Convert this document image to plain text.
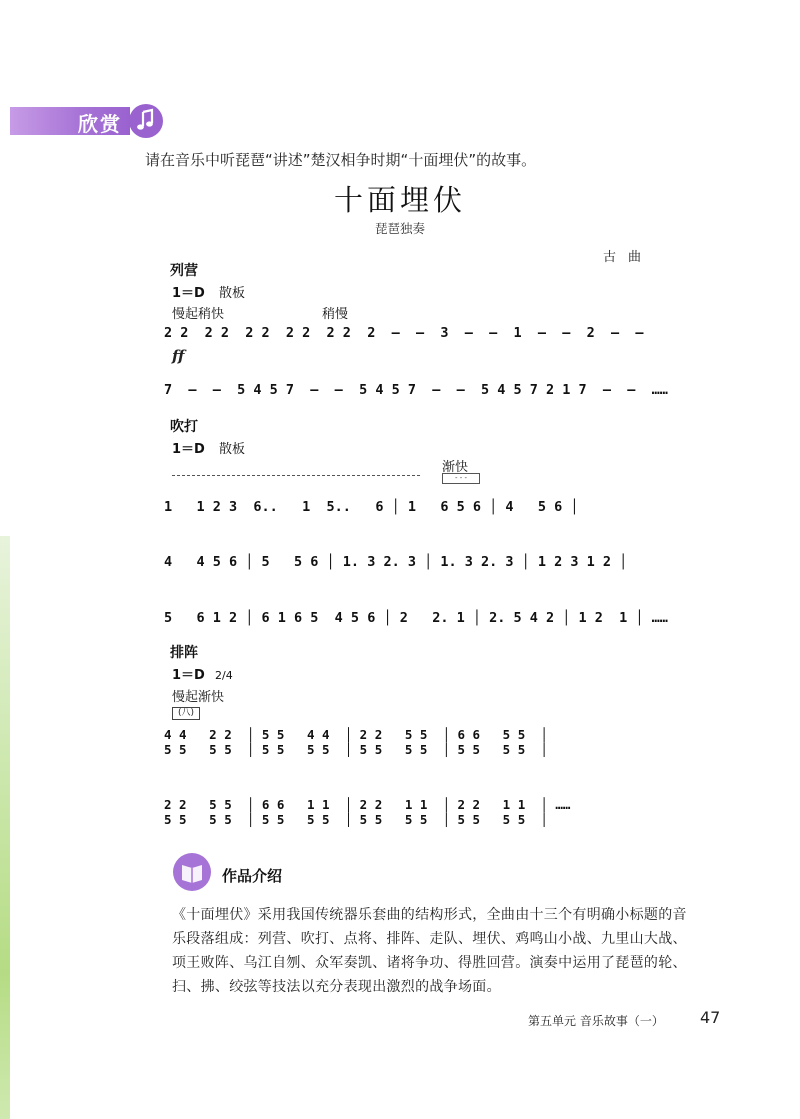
欣赏
请在音乐中听琵琶“讲述”楚汉相争时期“十面埋伏”的故事。
十面埋伏
琵琶独奏
古曲
列营
1＝D 散板
慢起稍快	稍慢
2 2  2 2  2 2  2 2  2 2  2  –  –  3  –  –  1  –  –  2  –  –
ff
7  –  –  5 4 5 7  –  –  5 4 5 7  –  –  5 4 5 7 2 1 7  –  –  ……
吹打
1＝D 散板
渐快
- - -
1   1 2 3  6..   1  5..   6 │ 1   6 5 6 │ 4   5 6 │
4   4 5 6 │ 5   5 6 │ 1. 3 2. 3 │ 1. 3 2. 3 │ 1 2 3 1 2 │
5   6 1 2 │ 6 1 6 5  4 5 6 │ 2   2. 1 │ 2. 5 4 2 │ 1 2  1 │ ……
排阵
1＝D 2/4
慢起渐快
(八)
4 4   2 2  │ 5 5   4 4  │ 2 2   5 5  │ 6 6   5 5  │
5 5   5 5  │ 5 5   5 5  │ 5 5   5 5  │ 5 5   5 5  │
2 2   5 5  │ 6 6   1 1  │ 2 2   1 1  │ 2 2   1 1  │ ……
5 5   5 5  │ 5 5   5 5  │ 5 5   5 5  │ 5 5   5 5  │
作品介绍
《十面埋伏》采用我国传统器乐套曲的结构形式，全曲由十三个有明确小标题的音乐段落组成：列营、吹打、点将、排阵、走队、埋伏、鸡鸣山小战、九里山大战、项王败阵、乌江自刎、众军奏凯、诸将争功、得胜回营。演奏中运用了琵琶的轮、扫、拂、绞弦等技法以充分表现出激烈的战争场面。
第五单元 音乐故事（一） 47
